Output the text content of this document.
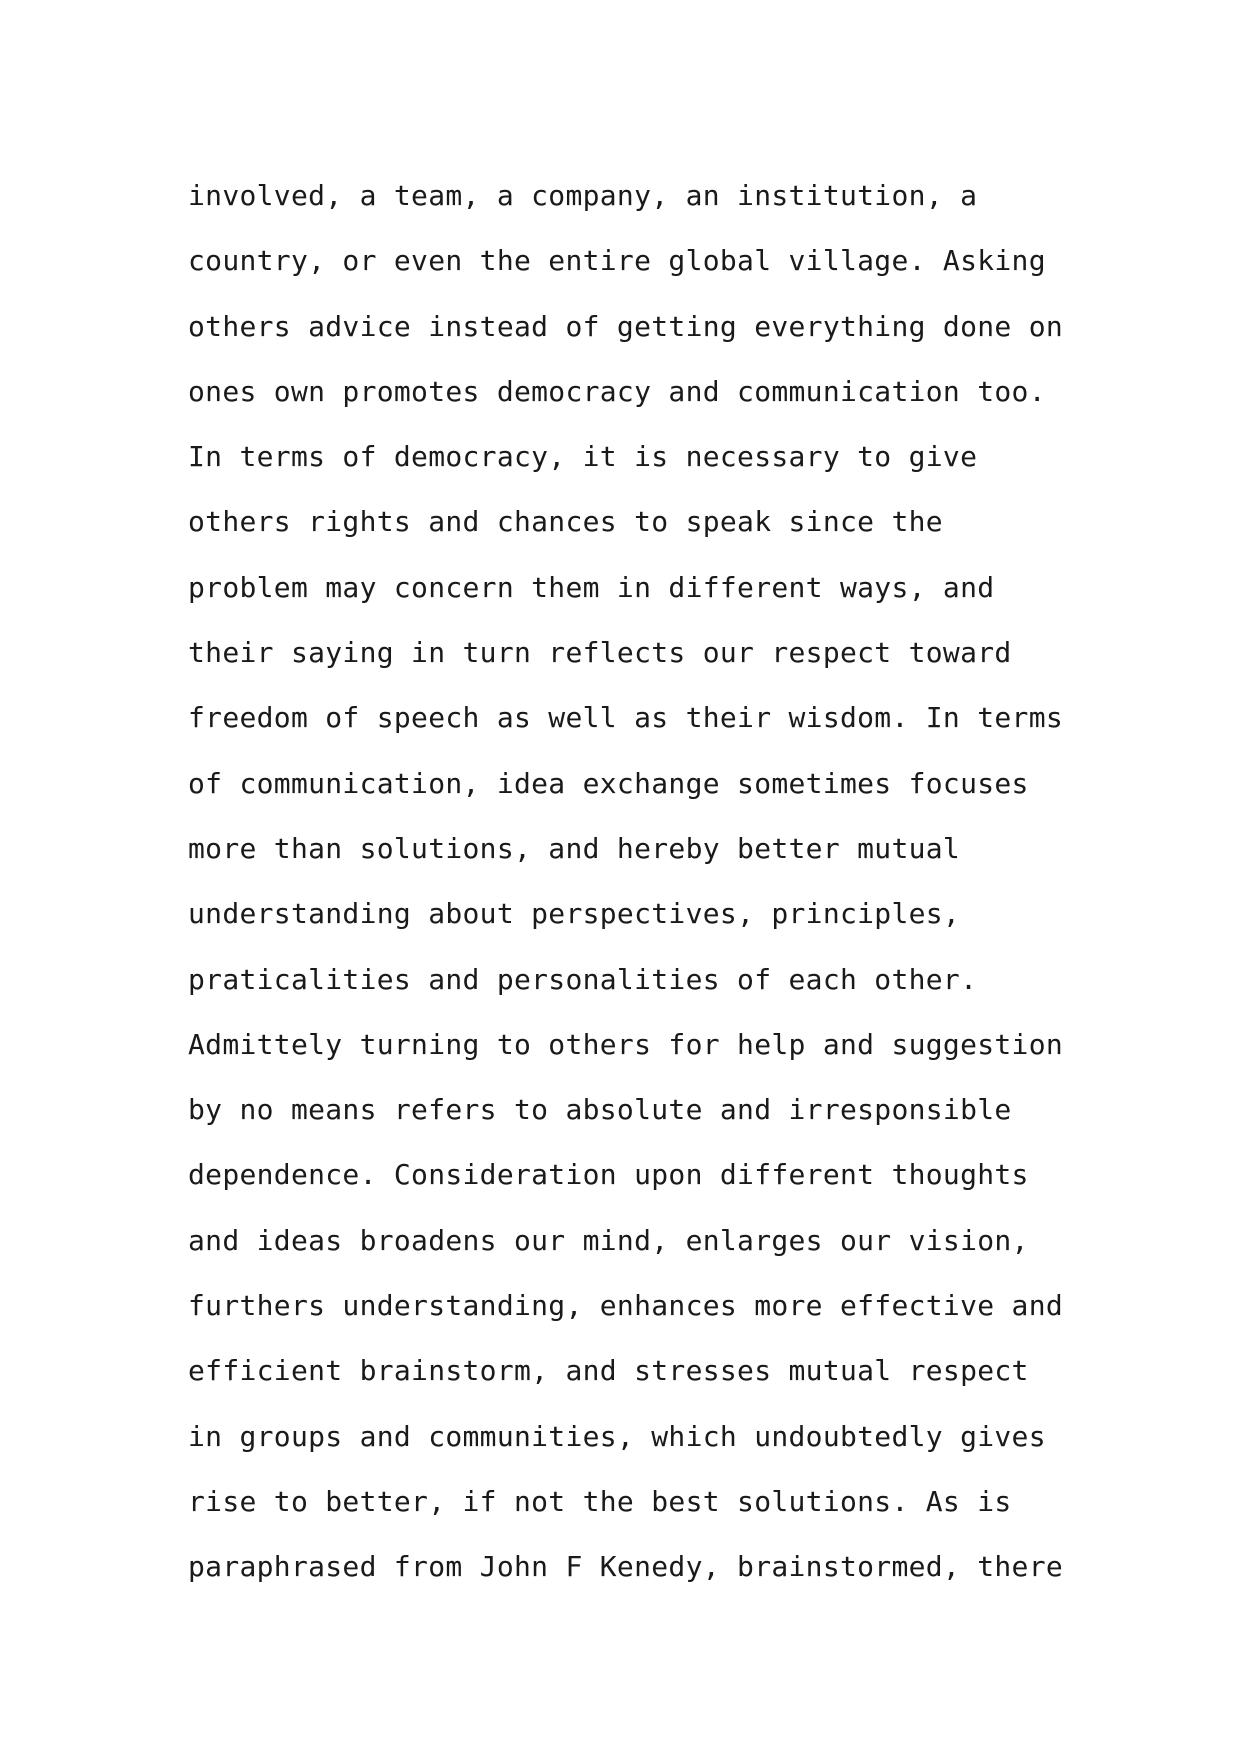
involved, a team, a company, an institution, a

country, or even the entire global village. Asking

others advice instead of getting everything done on

ones own promotes democracy and communication too.

In terms of democracy, it is necessary to give

others rights and chances to speak since the

problem may concern them in different ways, and

their saying in turn reflects our respect toward

freedom of speech as well as their wisdom. In terms

of communication, idea exchange sometimes focuses

more than solutions, and hereby better mutual

understanding about perspectives, principles,

praticalities and personalities of each other.

Admittely turning to others for help and suggestion

by no means refers to absolute and irresponsible

dependence. Consideration upon different thoughts

and ideas broadens our mind, enlarges our vision,

furthers understanding, enhances more effective and

efficient brainstorm, and stresses mutual respect

in groups and communities, which undoubtedly gives

rise to better, if not the best solutions. As is

paraphrased from John F Kenedy, brainstormed, there
